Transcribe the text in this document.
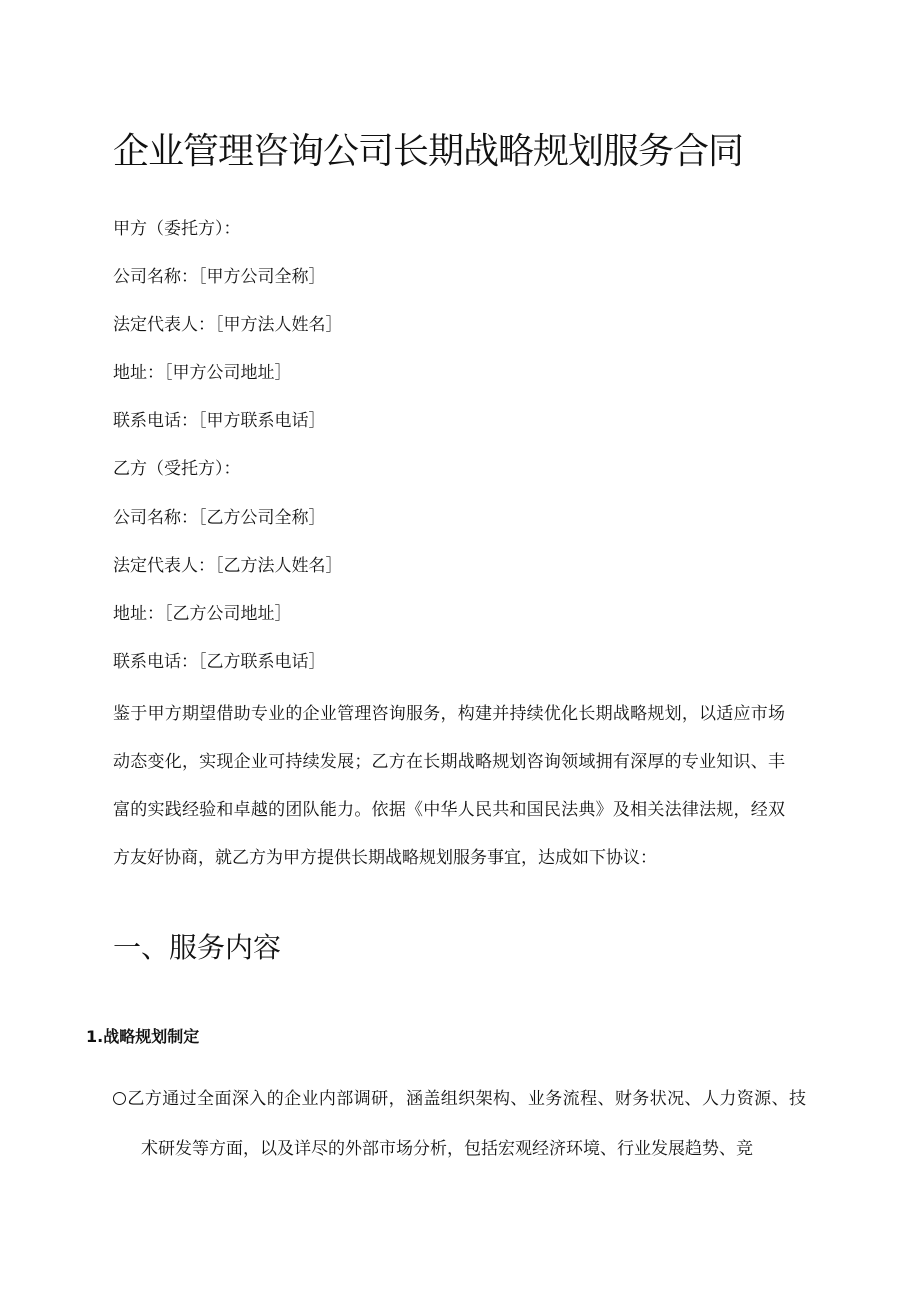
企业管理咨询公司长期战略规划服务合同
甲方（委托方）：
公司名称：［甲方公司全称］
法定代表人：［甲方法人姓名］
地址：［甲方公司地址］
联系电话：［甲方联系电话］
乙方（受托方）：
公司名称：［乙方公司全称］
法定代表人：［乙方法人姓名］
地址：［乙方公司地址］
联系电话：［乙方联系电话］

鉴于甲方期望借助专业的企业管理咨询服务，构建并持续优化长期战略规划，以适应市场动态变化，实现企业可持续发展；乙方在长期战略规划咨询领域拥有深厚的专业知识、丰富的实践经验和卓越的团队能力。依据《中华人民共和国民法典》及相关法律法规，经双方友好协商，就乙方为甲方提供长期战略规划服务事宜，达成如下协议：

一、服务内容
1.战略规划制定

乙方通过全面深入的企业内部调研，涵盖组织架构、业务流程、财务状况、人力资源、技术研发等方面，以及详尽的外部市场分析，包括宏观经济环境、行业发展趋势、竞
